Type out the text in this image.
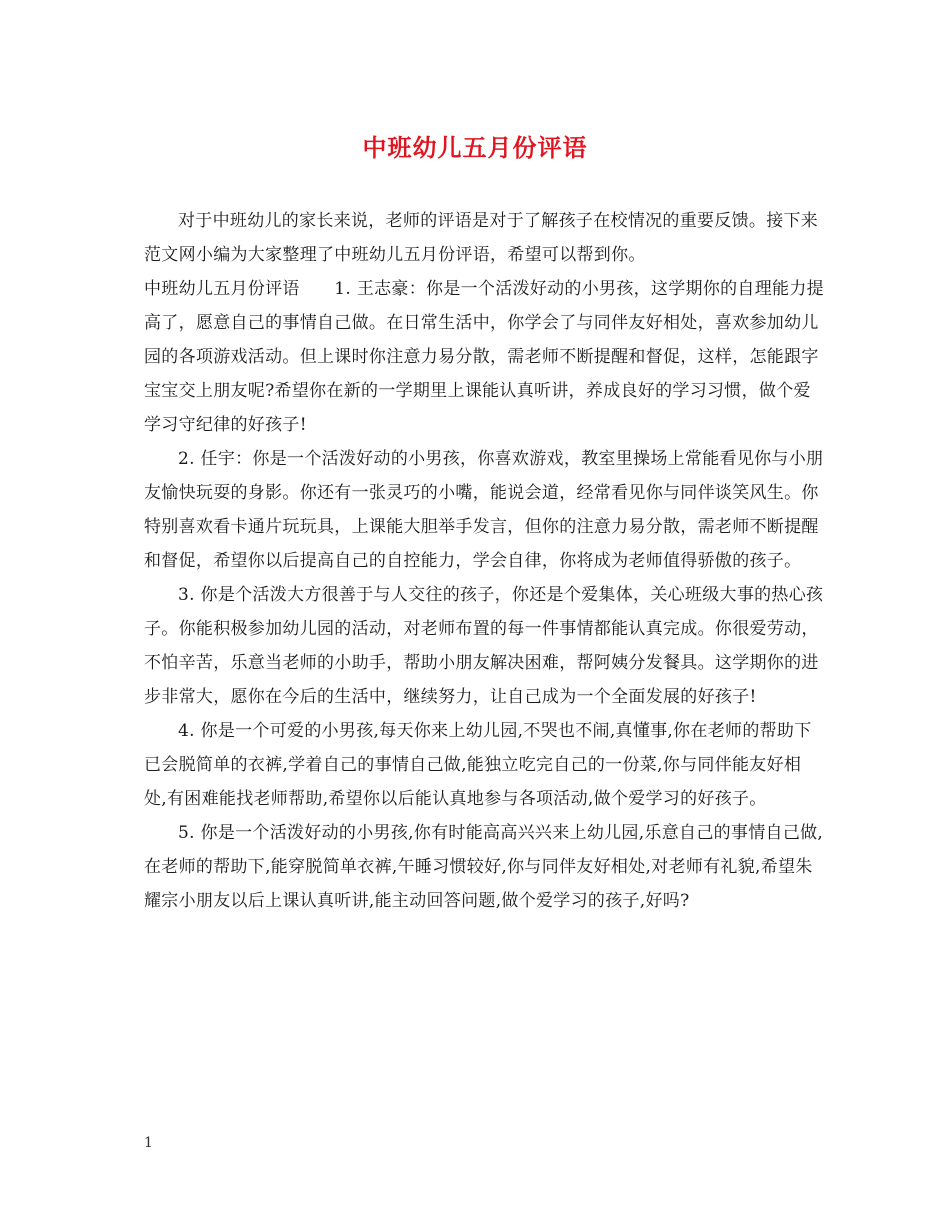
中班幼儿五月份评语

对于中班幼儿的家长来说，老师的评语是对于了解孩子在校情况的重要反馈。接下来范文网小编为大家整理了中班幼儿五月份评语，希望可以帮到你。

中班幼儿五月份评语　　1. 王志豪：你是一个活泼好动的小男孩，这学期你的自理能力提高了，愿意自己的事情自己做。在日常生活中，你学会了与同伴友好相处，喜欢参加幼儿园的各项游戏活动。但上课时你注意力易分散，需老师不断提醒和督促，这样，怎能跟字宝宝交上朋友呢?希望你在新的一学期里上课能认真听讲，养成良好的学习习惯，做个爱学习守纪律的好孩子!

2. 任宇：你是一个活泼好动的小男孩，你喜欢游戏，教室里操场上常能看见你与小朋友愉快玩耍的身影。你还有一张灵巧的小嘴，能说会道，经常看见你与同伴谈笑风生。你特别喜欢看卡通片玩玩具，上课能大胆举手发言，但你的注意力易分散，需老师不断提醒和督促，希望你以后提高自己的自控能力，学会自律，你将成为老师值得骄傲的孩子。

3. 你是个活泼大方很善于与人交往的孩子，你还是个爱集体，关心班级大事的热心孩子。你能积极参加幼儿园的活动，对老师布置的每一件事情都能认真完成。你很爱劳动，不怕辛苦，乐意当老师的小助手，帮助小朋友解决困难，帮阿姨分发餐具。这学期你的进步非常大，愿你在今后的生活中，继续努力，让自己成为一个全面发展的好孩子!

4. 你是一个可爱的小男孩,每天你来上幼儿园,不哭也不闹,真懂事,你在老师的帮助下已会脱简单的衣裤,学着自己的事情自己做,能独立吃完自己的一份菜,你与同伴能友好相处,有困难能找老师帮助,希望你以后能认真地参与各项活动,做个爱学习的好孩子。

5. 你是一个活泼好动的小男孩,你有时能高高兴兴来上幼儿园,乐意自己的事情自己做,在老师的帮助下,能穿脱简单衣裤,午睡习惯较好,你与同伴友好相处,对老师有礼貌,希望朱耀宗小朋友以后上课认真听讲,能主动回答问题,做个爱学习的孩子,好吗?

1
